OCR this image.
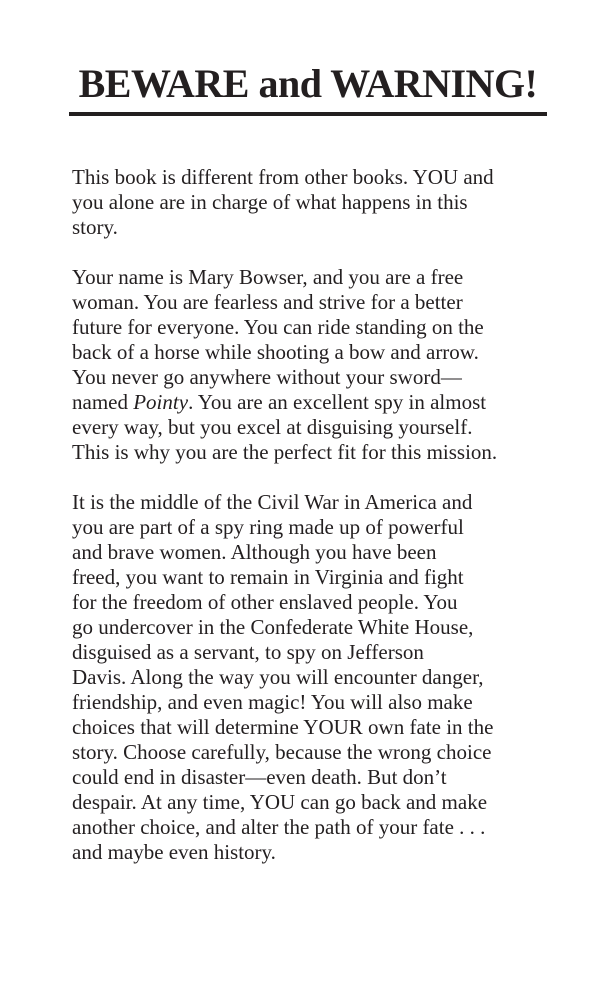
BEWARE and WARNING!
This book is different from other books. YOU and
you alone are in charge of what happens in this
story.
Your name is Mary Bowser, and you are a free
woman. You are fearless and strive for a better
future for everyone. You can ride standing on the
back of a horse while shooting a bow and arrow.
You never go anywhere without your sword—
named Pointy. You are an excellent spy in almost
every way, but you excel at disguising yourself.
This is why you are the perfect fit for this mission.
It is the middle of the Civil War in America and
you are part of a spy ring made up of powerful
and brave women. Although you have been
freed, you want to remain in Virginia and fight
for the freedom of other enslaved people. You
go undercover in the Confederate White House,
disguised as a servant, to spy on Jefferson
Davis. Along the way you will encounter danger,
friendship, and even magic! You will also make
choices that will determine YOUR own fate in the
story. Choose carefully, because the wrong choice
could end in disaster—even death. But don’t
despair. At any time, YOU can go back and make
another choice, and alter the path of your fate . . .
and maybe even history.
